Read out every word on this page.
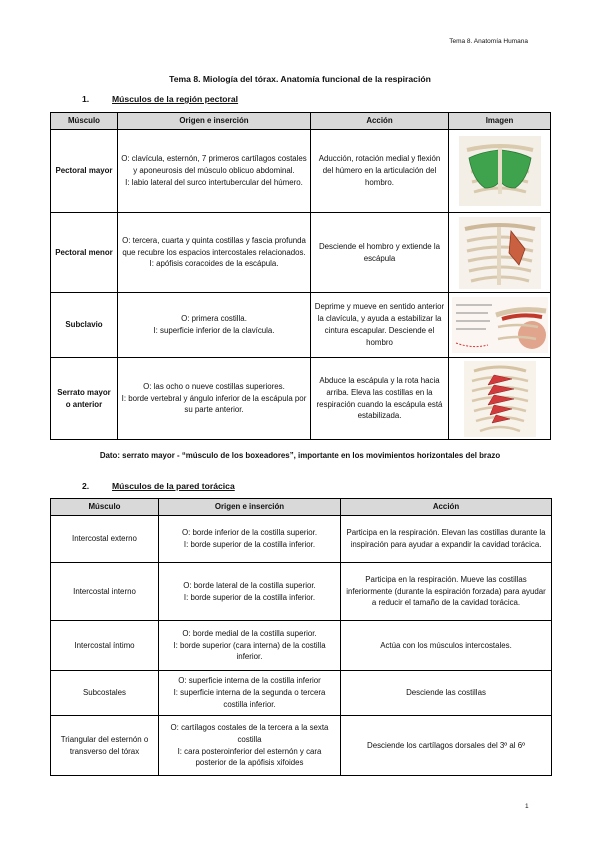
Tema 8. Anatomía Humana
Tema 8. Miología del tórax. Anatomía funcional de la respiración
1.	Músculos de la región pectoral
Músculo	Origen e inserción	Acción	Imagen
Pectoral mayor	O: clavícula, esternón, 7 primeros cartílagos costales y aponeurosis del músculo oblicuo abdominal.
I: labio lateral del surco intertubercular del húmero.	Aducción, rotación medial y flexión del húmero en la articulación del hombro.	

Pectoral menor	O: tercera, cuarta y quinta costillas y fascia profunda que recubre los espacios intercostales relacionados.
I: apófisis coracoides de la escápula.	Desciende el hombro y extiende la escápula	

Subclavio	O: primera costilla.
I: superficie inferior de la clavícula.	Deprime y mueve en sentido anterior la clavícula, y ayuda a estabilizar la cintura escapular. Desciende el hombro	

Serrato mayor o anterior	O: las ocho o nueve costillas superiores.
I: borde vertebral y ángulo inferior de la escápula por su parte anterior.	Abduce la escápula y la rota hacia arriba. Eleva las costillas en la respiración cuando la escápula está estabilizada.	
Dato: serrato mayor - “músculo de los boxeadores”, importante en los movimientos horizontales del brazo
2.	Músculos de la pared torácica
Músculo	Origen e inserción	Acción
Intercostal externo	O: borde inferior de la costilla superior.
I: borde superior de la costilla inferior.	Participa en la respiración. Elevan las costillas durante la inspiración para ayudar a expandir la cavidad torácica.
Intercostal interno	O: borde lateral de la costilla superior.
I: borde superior de la costilla inferior.	Participa en la respiración. Mueve las costillas inferiormente (durante la espiración forzada) para ayudar a reducir el tamaño de la cavidad torácica.
Intercostal íntimo	O: borde medial de la costilla superior.
I: borde superior (cara interna) de la costilla inferior.	Actúa con los músculos intercostales.
Subcostales	O: superficie interna de la costilla inferior
I: superficie interna de la segunda o tercera costilla inferior.	Desciende las costillas
Triangular del esternón o transverso del tórax	O: cartílagos costales de la tercera a la sexta costilla
I: cara posteroinferior del esternón y cara posterior de la apófisis xifoides	Desciende los cartílagos dorsales del 3º al 6º
1
